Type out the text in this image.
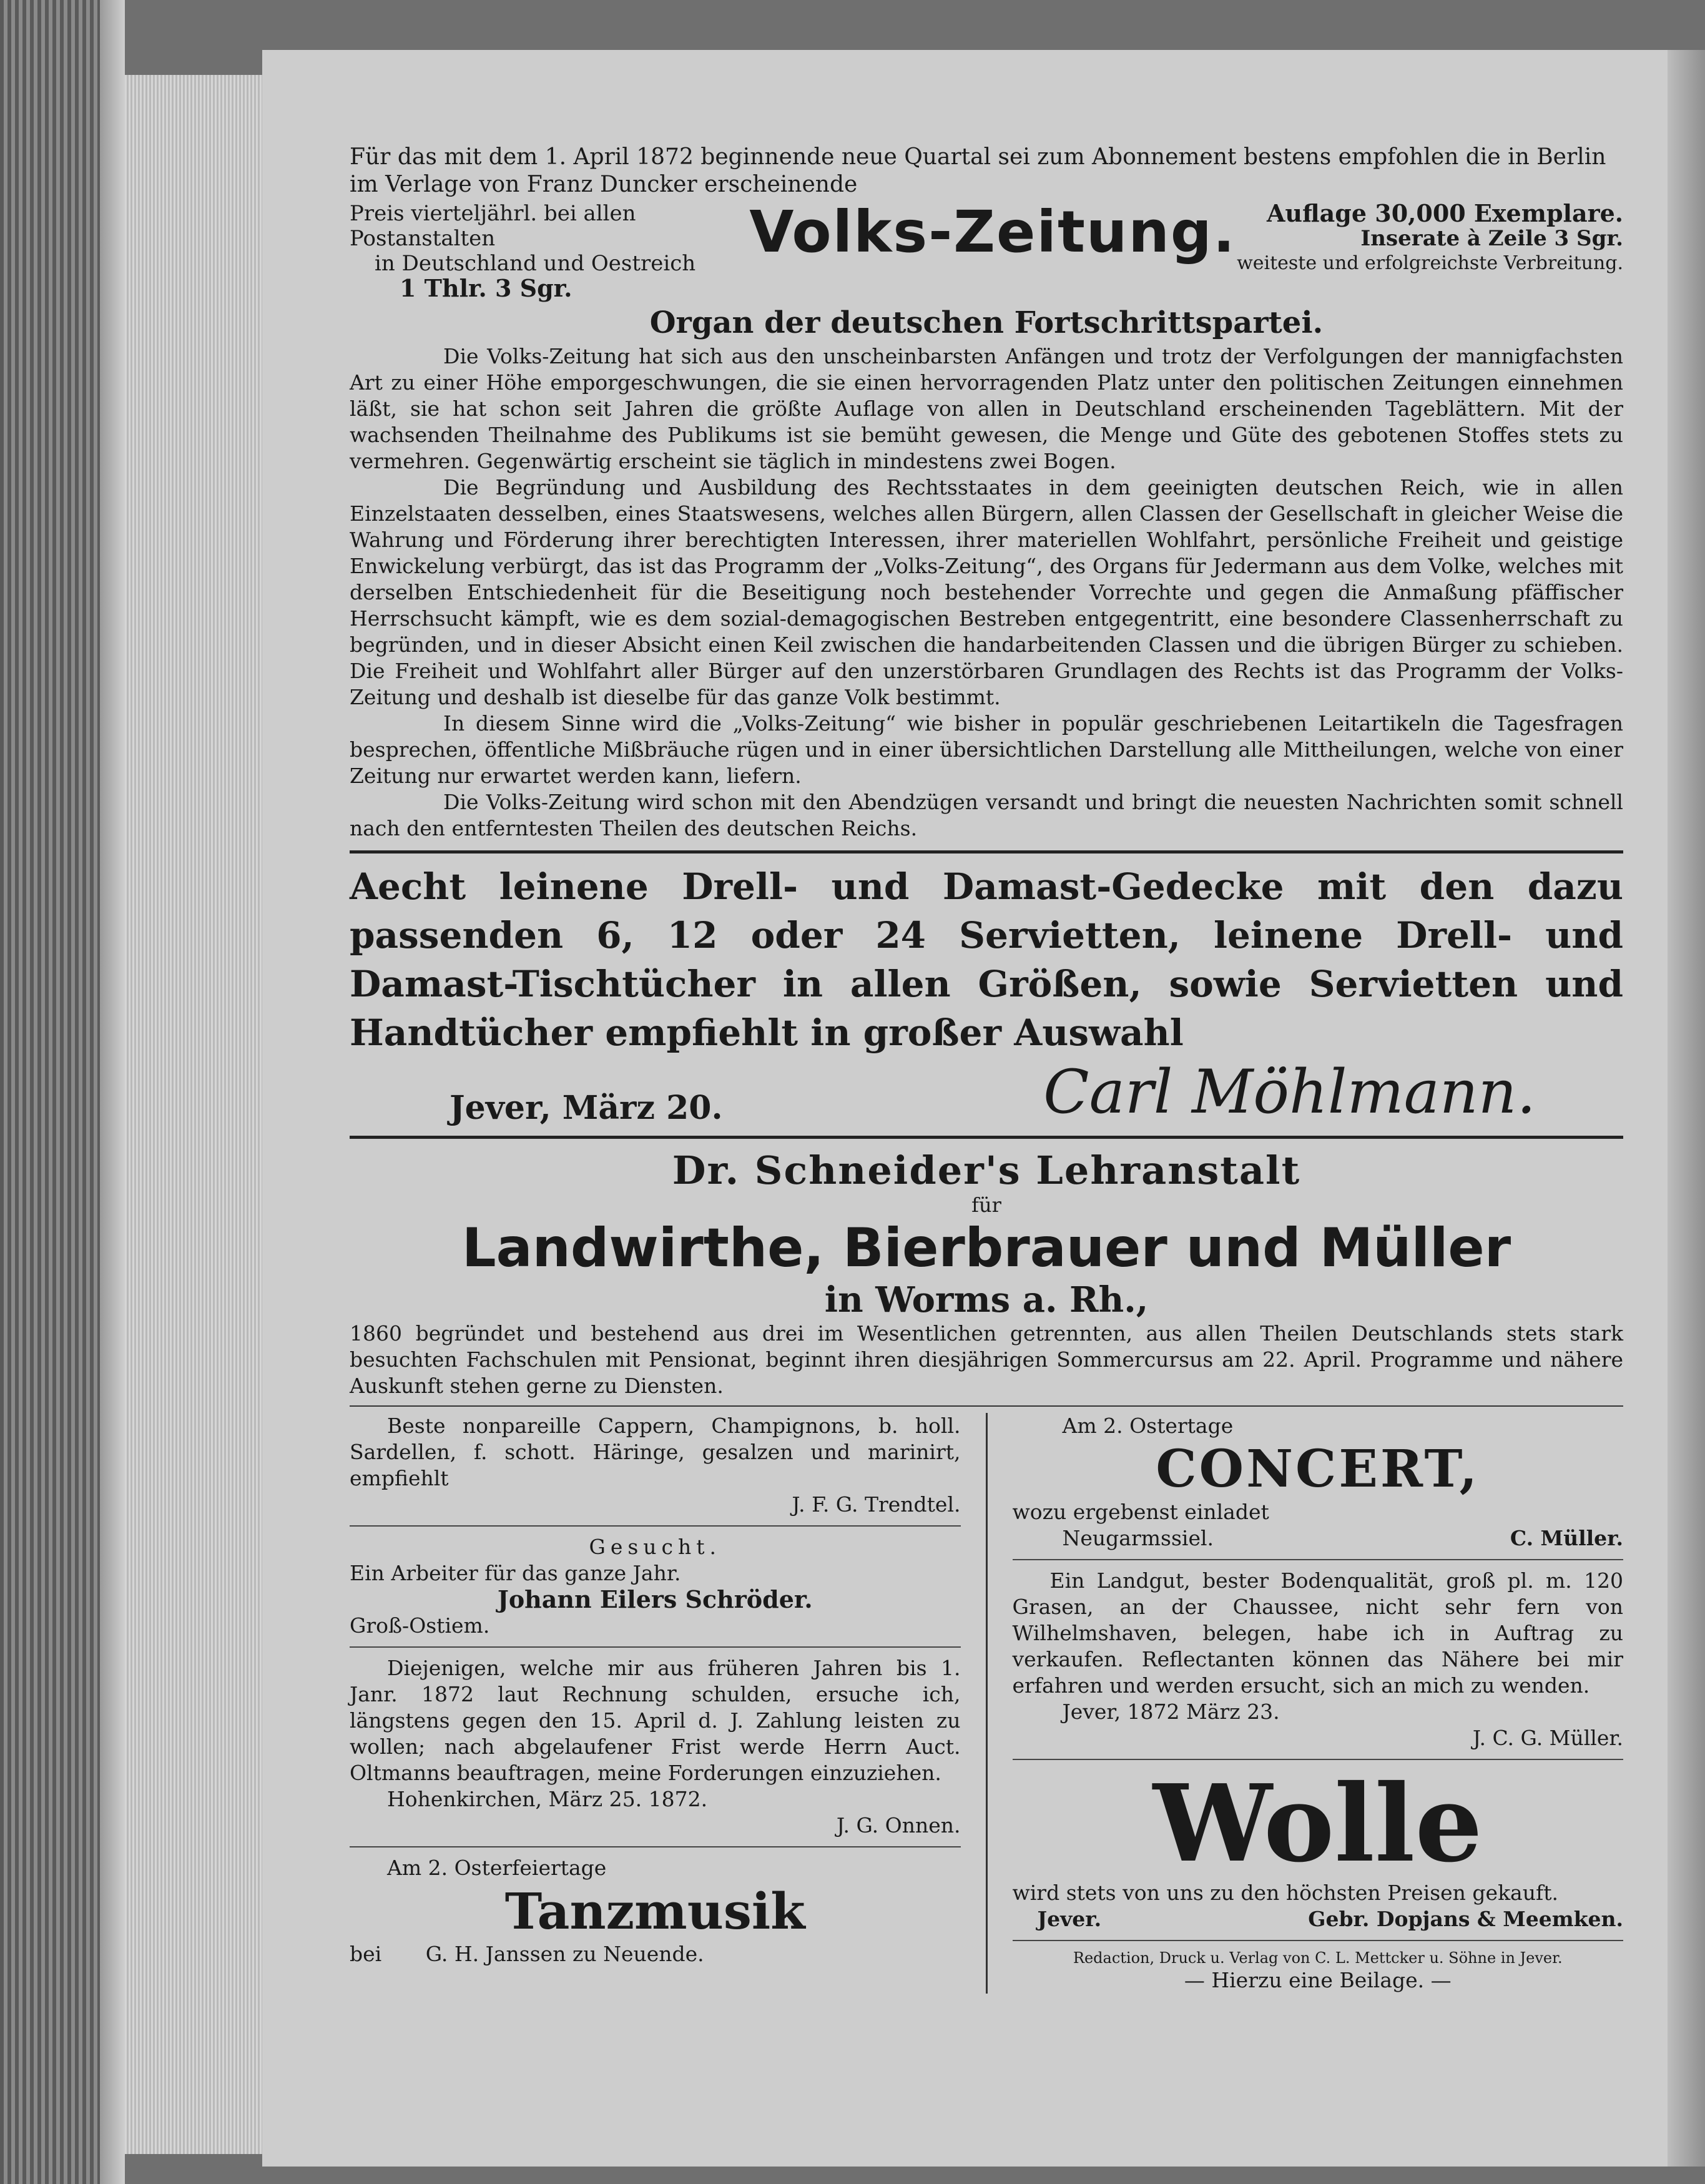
Für das mit dem 1. April 1872 beginnende neue Quartal sei zum Abonnement bestens empfohlen die in Berlin im Verlage von Franz Duncker erscheinende

Preis vierteljährl. bei allen Postanstalten

in Deutschland und Oestreich

1 Thlr. 3 Sgr.

Volks-Zeitung.	Auflage 30,000 Exemplare.

Inserate à Zeile 3 Sgr.

weiteste und erfolgreichste Verbreitung.

Organ der deutschen Fortschrittspartei.

Die Volks-Zeitung hat sich aus den unscheinbarsten Anfängen und trotz der Verfolgungen der mannigfachsten Art zu einer Höhe emporgeschwungen, die sie einen hervorragenden Platz unter den politischen Zeitungen einnehmen läßt, sie hat schon seit Jahren die größte Auflage von allen in Deutschland erscheinenden Tageblättern. Mit der wachsenden Theilnahme des Publikums ist sie bemüht gewesen, die Menge und Güte des gebotenen Stoffes stets zu vermehren. Gegenwärtig erscheint sie täglich in mindestens zwei Bogen.

Die Begründung und Ausbildung des Rechtsstaates in dem geeinigten deutschen Reich, wie in allen Einzelstaaten desselben, eines Staatswesens, welches allen Bürgern, allen Classen der Gesellschaft in gleicher Weise die Wahrung und Förderung ihrer berechtigten Interessen, ihrer materiellen Wohlfahrt, persönliche Freiheit und geistige Enwickelung verbürgt, das ist das Programm der „Volks-Zeitung“, des Organs für Jedermann aus dem Volke, welches mit derselben Entschiedenheit für die Beseitigung noch bestehender Vorrechte und gegen die Anmaßung pfäffischer Herrschsucht kämpft, wie es dem sozial-demagogischen Bestreben entgegentritt, eine besondere Classenherrschaft zu begründen, und in dieser Absicht einen Keil zwischen die handarbeitenden Classen und die übrigen Bürger zu schieben. Die Freiheit und Wohlfahrt aller Bürger auf den unzerstörbaren Grundlagen des Rechts ist das Programm der Volks-Zeitung und deshalb ist dieselbe für das ganze Volk bestimmt.

In diesem Sinne wird die „Volks-Zeitung“ wie bisher in populär geschriebenen Leitartikeln die Tagesfragen besprechen, öffentliche Mißbräuche rügen und in einer übersichtlichen Darstellung alle Mittheilungen, welche von einer Zeitung nur erwartet werden kann, liefern.

Die Volks-Zeitung wird schon mit den Abendzügen versandt und bringt die neuesten Nachrichten somit schnell nach den entferntesten Theilen des deutschen Reichs.

Aecht leinene Drell- und Damast-Gedecke mit den dazu passenden 6, 12 oder 24 Servietten, leinene Drell- und Damast-Tischtücher in allen Größen, sowie Servietten und Handtücher empfiehlt in großer Auswahl

Jever, März 20.	Carl Möhlmann.

Dr. Schneider's Lehranstalt

für

Landwirthe, Bierbrauer und Müller

in Worms a. Rh.,

1860 begründet und bestehend aus drei im Wesentlichen getrennten, aus allen Theilen Deutschlands stets stark besuchten Fachschulen mit Pensionat, beginnt ihren diesjährigen Sommercursus am 22. April. Programme und nähere Auskunft stehen gerne zu Diensten.

Beste nonpareille Cappern, Champignons, b. holl. Sardellen, f. schott. Häringe, gesalzen und marinirt, empfiehlt

J. F. G. Trendtel.

Gesucht.

Ein Arbeiter für das ganze Jahr.

Johann Eilers Schröder.

Groß-Ostiem.

Diejenigen, welche mir aus früheren Jahren bis 1. Janr. 1872 laut Rechnung schulden, ersuche ich, längstens gegen den 15. April d. J. Zahlung leisten zu wollen; nach abgelaufener Frist werde Herrn Auct. Oltmanns beauftragen, meine Forderungen einzuziehen.

Hohenkirchen, März 25. 1872.

J. G. Onnen.

Am 2. Osterfeiertage

Tanzmusik

bei G. H. Janssen zu Neuende.

Am 2. Ostertage

CONCERT,

wozu ergebenst einladet

Neugarmssiel.	C. Müller.

Ein Landgut, bester Bodenqualität, groß pl. m. 120 Grasen, an der Chaussee, nicht sehr fern von Wilhelmshaven, belegen, habe ich in Auftrag zu verkaufen. Reflectanten können das Nähere bei mir erfahren und werden ersucht, sich an mich zu wenden.

Jever, 1872 März 23.

J. C. G. Müller.

Wolle

wird stets von uns zu den höchsten Preisen gekauft.

Jever.	Gebr. Dopjans & Meemken.

Redaction, Druck u. Verlag von C. L. Mettcker u. Söhne in Jever.

— Hierzu eine Beilage. —
